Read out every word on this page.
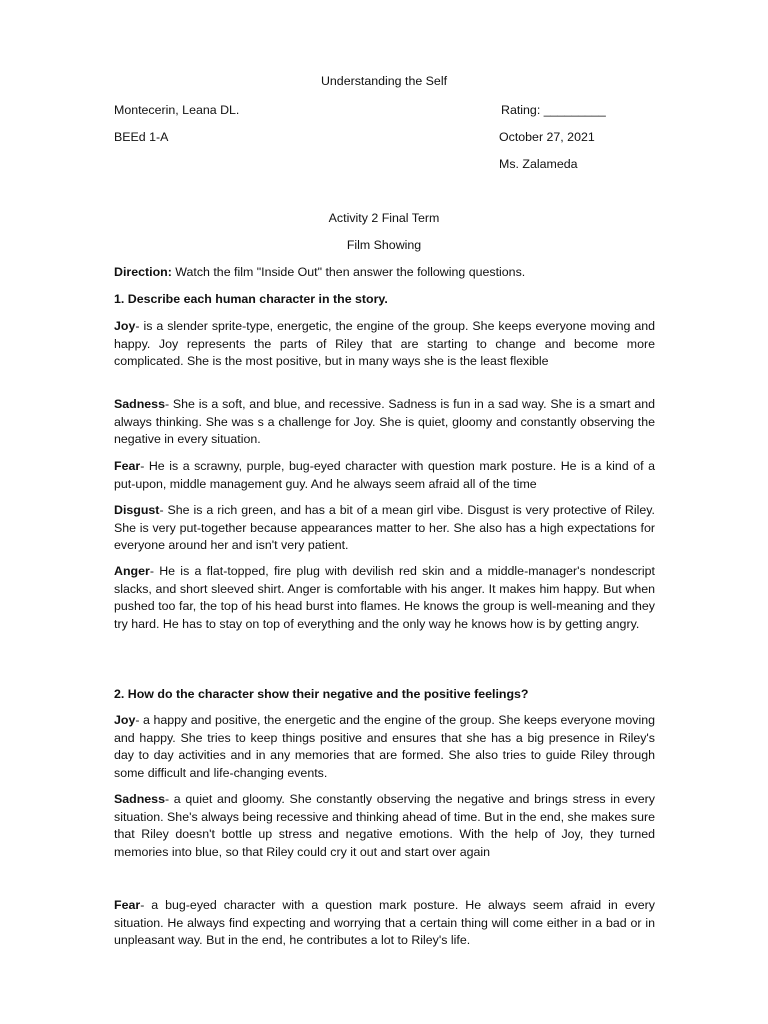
Understanding the Self
Montecerin, Leana DL.	Rating: _________
BEEd 1-A	October 27, 2021
Ms. Zalameda
Activity 2 Final Term
Film Showing
Direction: Watch the film "Inside Out" then answer the following questions.
1. Describe each human character in the story.

Joy- is a slender sprite-type, energetic, the engine of the group. She keeps everyone moving and happy. Joy represents the parts of Riley that are starting to change and become more complicated. She is the most positive, but in many ways she is the least flexible

Sadness- She is a soft, and blue, and recessive. Sadness is fun in a sad way. She is a smart and always thinking. She was s a challenge for Joy. She is quiet, gloomy and constantly observing the negative in every situation.

Fear- He is a scrawny, purple, bug-eyed character with question mark posture. He is a kind of a put-upon, middle management guy. And he always seem afraid all of the time

Disgust- She is a rich green, and has a bit of a mean girl vibe. Disgust is very protective of Riley. She is very put-together because appearances matter to her. She also has a high expectations for everyone around her and isn't very patient.

Anger- He is a flat-topped, fire plug with devilish red skin and a middle-manager's nondescript slacks, and short sleeved shirt. Anger is comfortable with his anger. It makes him happy. But when pushed too far, the top of his head burst into flames. He knows the group is well-meaning and they try hard. He has to stay on top of everything and the only way he knows how is by getting angry.

2. How do the character show their negative and the positive feelings?

Joy- a happy and positive, the energetic and the engine of the group. She keeps everyone moving and happy. She tries to keep things positive and ensures that she has a big presence in Riley's day to day activities and in any memories that are formed. She also tries to guide Riley through some difficult and life-changing events.

Sadness- a quiet and gloomy. She constantly observing the negative and brings stress in every situation. She's always being recessive and thinking ahead of time. But in the end, she makes sure that Riley doesn't bottle up stress and negative emotions. With the help of Joy, they turned memories into blue, so that Riley could cry it out and start over again

Fear- a bug-eyed character with a question mark posture. He always seem afraid in every situation. He always find expecting and worrying that a certain thing will come either in a bad or in unpleasant way. But in the end, he contributes a lot to Riley's life.
